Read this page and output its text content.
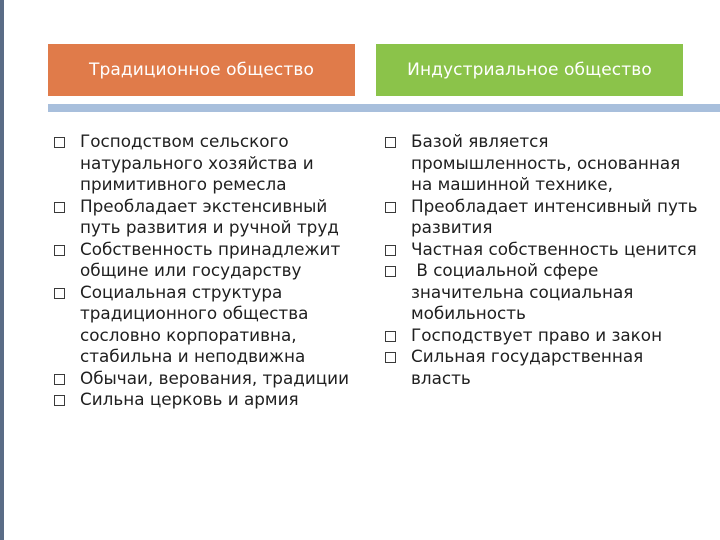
Традиционное общество	Индустриальное общество
Господством сельского натурального хозяйства и примитивного ремесла
Преобладает экстенсивный путь развития и ручной труд
Собственность принадлежит общине или государству
Социальная структура традиционного общества сословно корпоративна, стабильна и неподвижна
Обычаи, верования, традиции
Сильна церковь и армия
Базой является промышленность, основанная на машинной технике,
Преобладает интенсивный путь развития
Частная собственность ценится
В социальной сфере значительна социальная мобильность
Господствует право и закон
Сильная государственная власть
